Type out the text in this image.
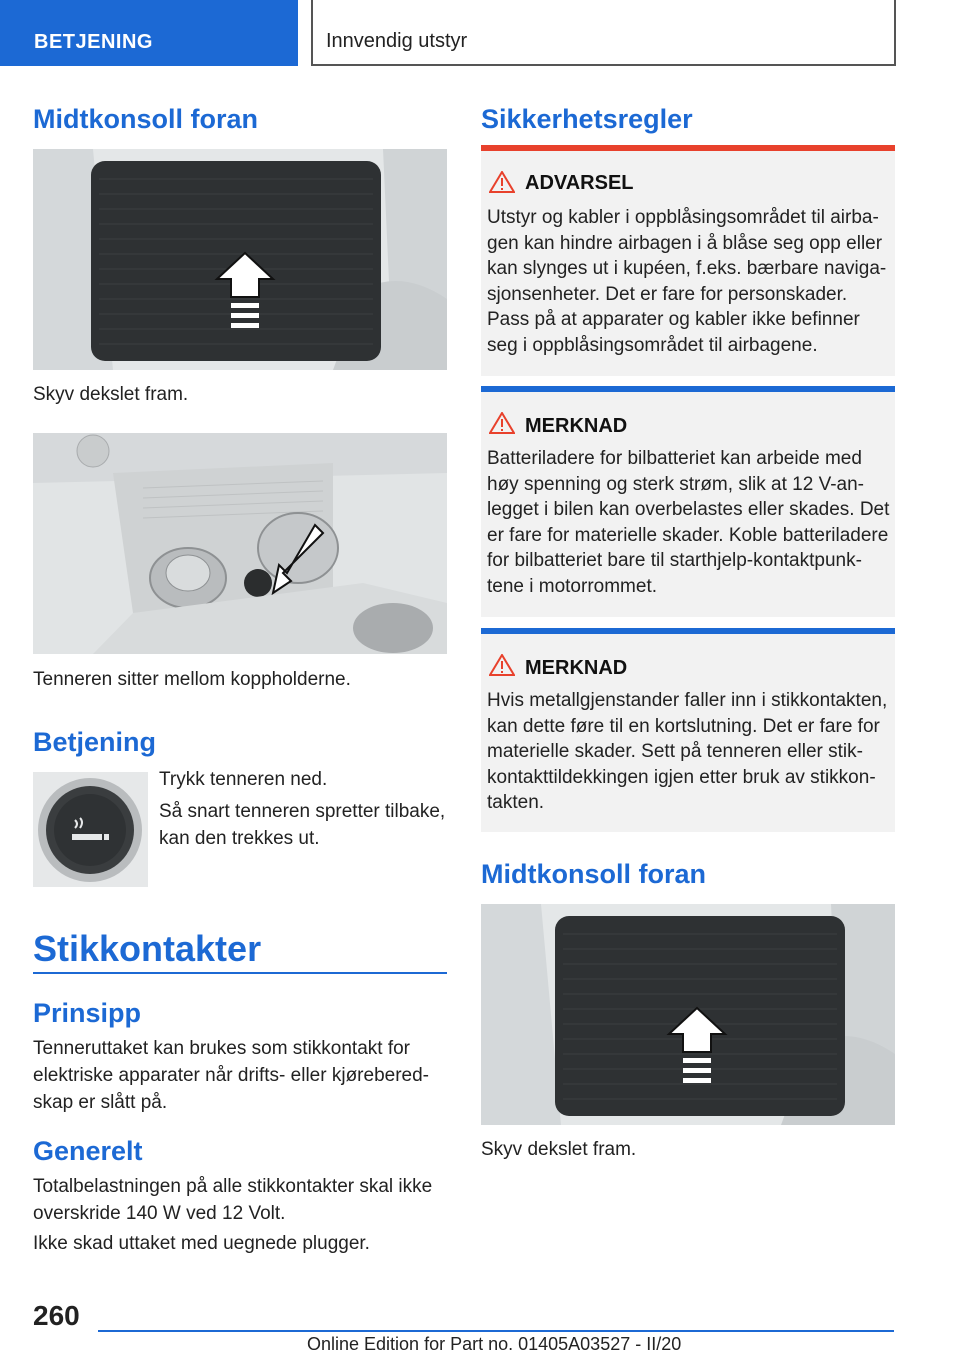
BETJENING	Innvendig utstyr
Midtkonsoll foran

Skyv dekslet fram.

Tenneren sitter mellom koppholderne.

Betjening

Trykk tenneren ned.

Så snart tenneren spretter tilbake, kan den trekkes ut.

Stikkontakter
Prinsipp

Tenneruttaket kan brukes som stikkontakt for elektriske apparater når drifts- eller kjøreberedskap er slått på.

Generelt

Totalbelastningen på alle stikkontakter skal ikke overskride 140 W ved 12 Volt.

Ikke skad uttaket med uegnede plugger.

Sikkerhetsregler
ADVARSEL
Utstyr og kabler i oppblåsingsområdet til airbagen kan hindre airbagen i å blåse seg opp eller kan slynges ut i kupéen, f.eks. bærbare navigasjonsenheter. Det er fare for personskader. Pass på at apparater og kabler ikke befinner seg i oppblåsingsområdet til airbagene.
MERKNAD
Batteriladere for bilbatteriet kan arbeide med høy spenning og sterk strøm, slik at 12 V-anlegget i bilen kan overbelastes eller skades. Det er fare for materielle skader. Koble batteriladere for bilbatteriet bare til starthjelp-kontaktpunktene i motorrommet.
MERKNAD
Hvis metallgjenstander faller inn i stikkontakten, kan dette føre til en kortslutning. Det er fare for materielle skader. Sett på tenneren eller stikkontakttildekkingen igjen etter bruk av stikkontakten.
Midtkonsoll foran

Skyv dekslet fram.

260
Online Edition for Part no. 01405A03527 - II/20
